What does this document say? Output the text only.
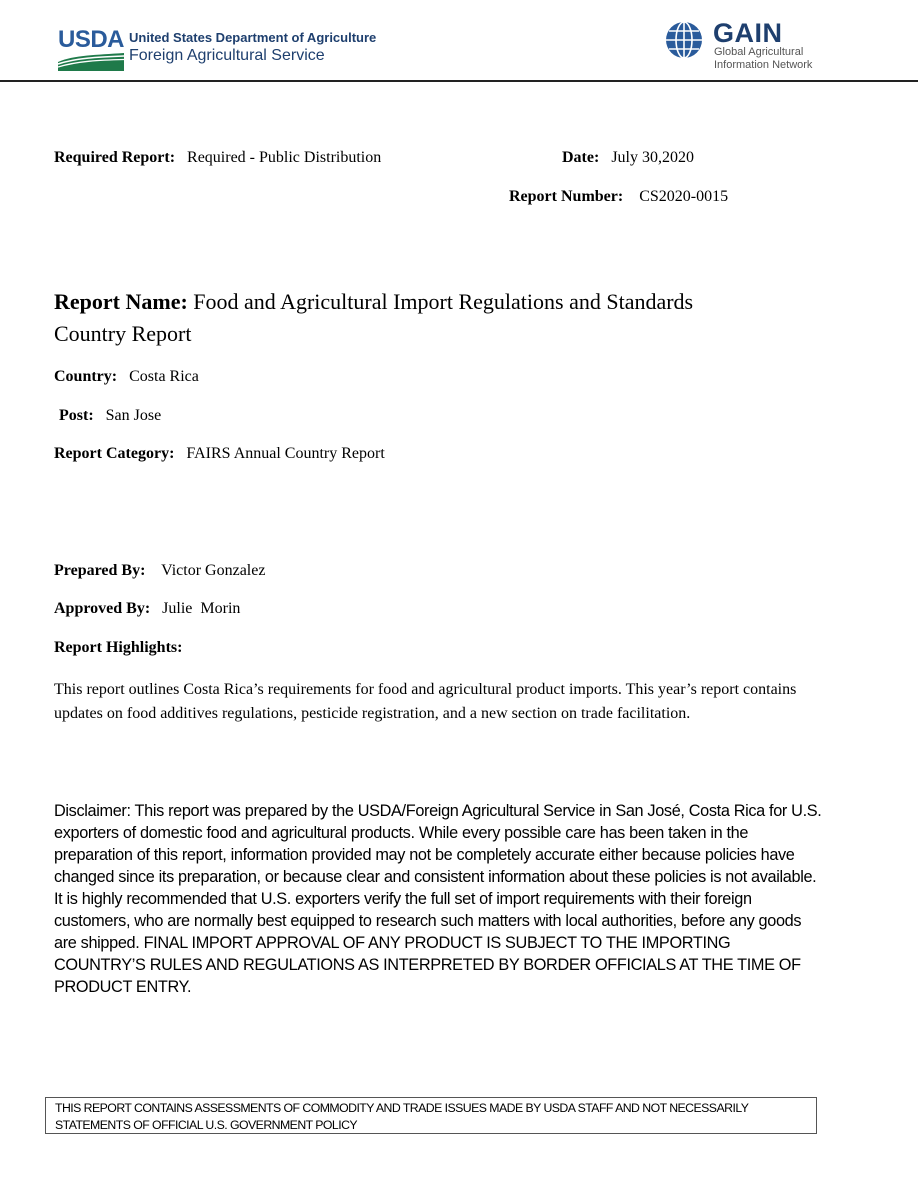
USDA United States Department of Agriculture
Foreign Agricultural Service
GAIN
Global Agricultural
Information Network
Required Report: Required - Public Distribution	Date: July 30,2020
Report Number: CS2020-0015
Report Name: Food and Agricultural Import Regulations and Standards
Country Report
Country: Costa Rica
Post: San Jose
Report Category: FAIRS Annual Country Report
Prepared By: Victor Gonzalez
Approved By: Julie  Morin
Report Highlights:
This report outlines Costa Rica’s requirements for food and agricultural product imports. This year’s report contains updates on food additives regulations, pesticide registration, and a new section on trade facilitation.
Disclaimer: This report was prepared by the USDA/Foreign Agricultural Service in San José, Costa Rica for U.S. exporters of domestic food and agricultural products. While every possible care has been taken in the preparation of this report, information provided may not be completely accurate either because policies have changed since its preparation, or because clear and consistent information about these policies is not available. It is highly recommended that U.S. exporters verify the full set of import requirements with their foreign customers, who are normally best equipped to research such matters with local authorities, before any goods are shipped. FINAL IMPORT APPROVAL OF ANY PRODUCT IS SUBJECT TO THE IMPORTING COUNTRY’S RULES AND REGULATIONS AS INTERPRETED BY BORDER OFFICIALS AT THE TIME OF PRODUCT ENTRY.
THIS REPORT CONTAINS ASSESSMENTS OF COMMODITY AND TRADE ISSUES MADE BY USDA STAFF AND NOT NECESSARILY STATEMENTS OF OFFICIAL U.S. GOVERNMENT POLICY
